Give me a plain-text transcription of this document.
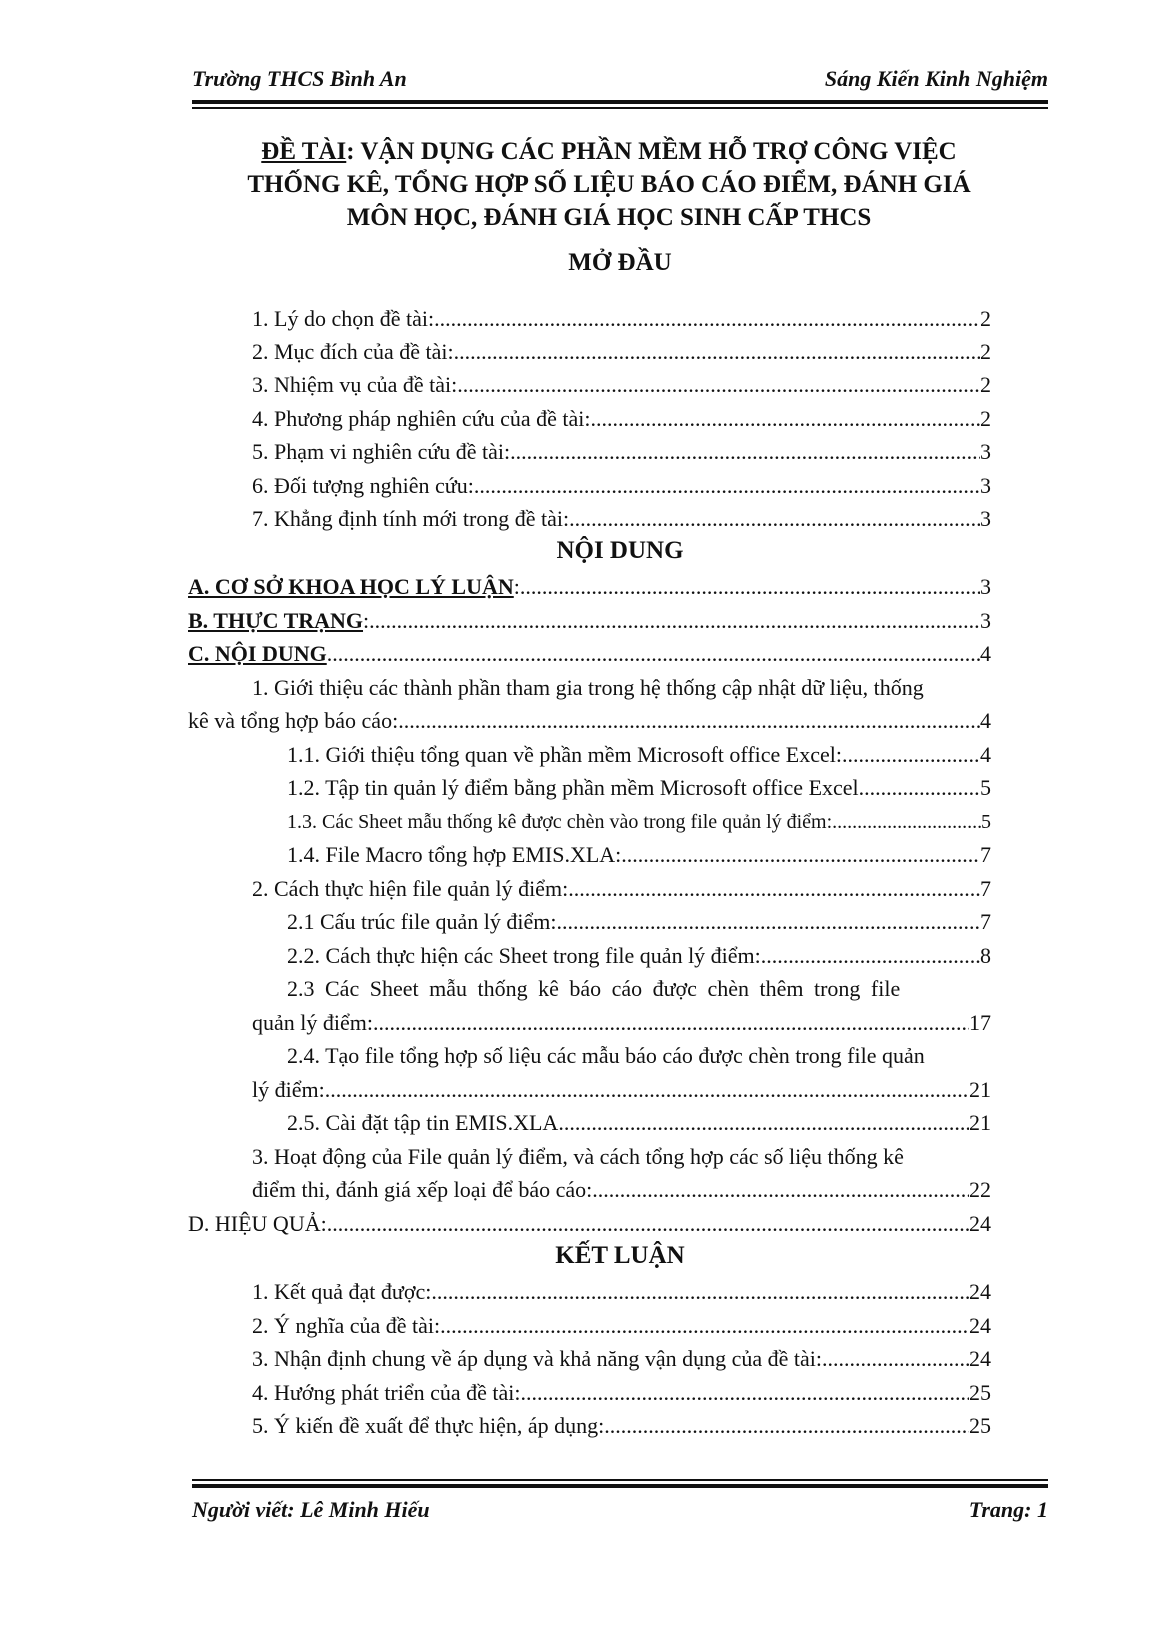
Trường THCS Bình An	Sáng Kiến Kinh Nghiệm
ĐỀ TÀI: VẬN DỤNG CÁC PHẦN MỀM HỖ TRỢ CÔNG VIỆC
THỐNG KÊ, TỔNG HỢP SỐ LIỆU BÁO CÁO ĐIỂM, ĐÁNH GIÁ
MÔN HỌC, ĐÁNH GIÁ HỌC SINH CẤP THCS
MỞ ĐẦU
1. Lý do chọn đề tài: .....	2
2. Mục đích của đề tài: .....	2
3. Nhiệm vụ của đề tài: .....	2
4. Phương pháp nghiên cứu của đề tài: .....	2
5. Phạm vi nghiên cứu đề tài: .....	3
6. Đối tượng nghiên cứu: .....	3
7. Khẳng định tính mới trong đề tài: .....	3
NỘI DUNG
A. CƠ SỞ KHOA HỌC LÝ LUẬN: .....	3
B. THỰC TRẠNG: .....	3
C. NỘI DUNG .....	4
1. Giới thiệu các thành phần tham gia trong hệ thống cập nhật dữ liệu, thống
kê và tổng hợp báo cáo: .....	4
1.1. Giới thiệu tổng quan về phần mềm Microsoft office Excel: .....	4
1.2. Tập tin quản lý điểm bằng phần mềm Microsoft office Excel .....	5
1.3. Các Sheet mẫu thống kê được chèn vào trong file quản lý điểm: .....	5
1.4. File Macro tổng hợp EMIS.XLA: .....	7
2. Cách thực hiện file quản lý điểm: .....	7
2.1 Cấu trúc file quản lý điểm: .....	7
2.2. Cách thực hiện các Sheet trong file quản lý điểm: .....	8
2.3 Các Sheet mẫu thống kê báo cáo được chèn thêm trong file
quản lý điểm: .....	17
2.4. Tạo file tổng hợp số liệu các mẫu báo cáo được chèn trong file quản
lý điểm: .....	21
2.5. Cài đặt tập tin EMIS.XLA .....	21
3. Hoạt động của File quản lý điểm, và cách tổng hợp các số liệu thống kê
điểm thi, đánh giá xếp loại để báo cáo: .....	22
D. HIỆU QUẢ: .....	24
KẾT LUẬN
1. Kết quả đạt được: .....	24
2. Ý nghĩa của đề tài: .....	24
3. Nhận định chung về áp dụng và khả năng vận dụng của đề tài: .....	24
4. Hướng phát triển của đề tài: .....	25
5. Ý kiến đề xuất để thực hiện, áp dụng: .....	25
Người viết: Lê Minh Hiếu	Trang: 1
